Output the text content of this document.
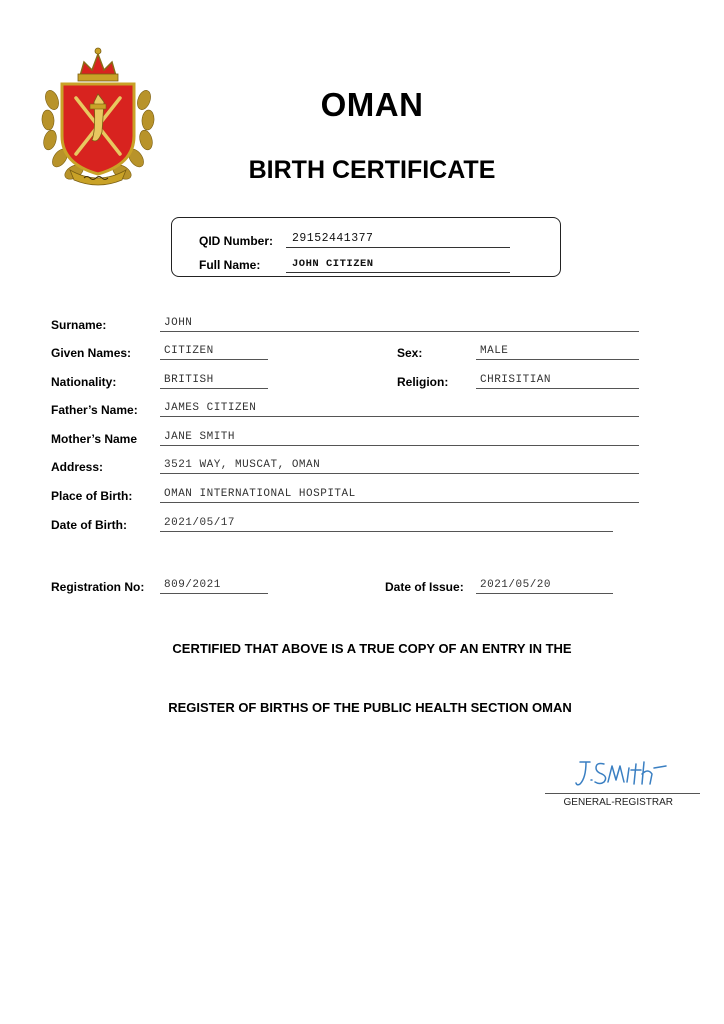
OMAN
BIRTH CERTIFICATE
QID Number:	29152441377
Full Name:	JOHN CITIZEN
Surname:	JOHN
Given Names:	CITIZEN	Sex:	MALE
Nationality:	BRITISH	Religion:	CHRISITIAN
Father’s Name:	JAMES CITIZEN
Mother’s Name	JANE SMITH
Address:	3521 WAY, MUSCAT, OMAN
Place of Birth:	OMAN INTERNATIONAL HOSPITAL
Date of Birth:	2021/05/17
Registration No:	809/2021	Date of Issue:	2021/05/20
CERTIFIED THAT ABOVE IS A TRUE COPY OF AN ENTRY IN THE
REGISTER OF BIRTHS OF THE PUBLIC HEALTH SECTION OMAN
GENERAL-REGISTRAR
